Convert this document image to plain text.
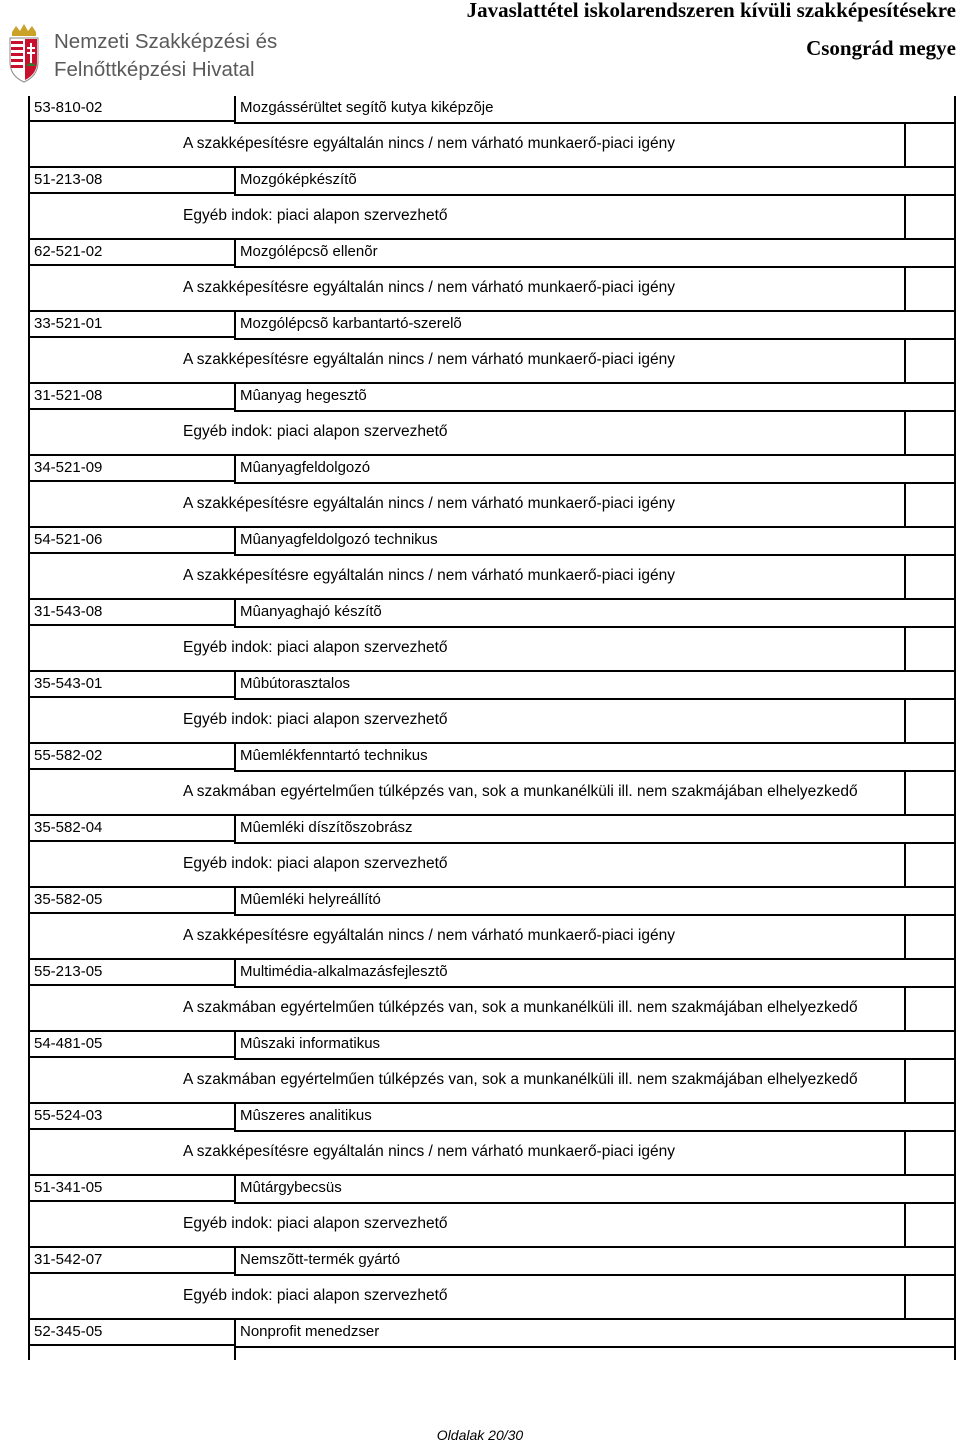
Nemzeti Szakképzési és
Felnőttképzési Hivatal
Javaslattétel iskolarendszeren kívüli szakképesítésekre
Csongrád megye
53-810-02	Mozgássérültet segítõ kutya kiképzõje
A szakképesítésre egyáltalán nincs / nem várható munkaerő-piaci igény
51-213-08	Mozgóképkészítõ
Egyéb indok: piaci alapon szervezhető
62-521-02	Mozgólépcsõ ellenõr
A szakképesítésre egyáltalán nincs / nem várható munkaerő-piaci igény
33-521-01	Mozgólépcsõ karbantartó-szerelõ
A szakképesítésre egyáltalán nincs / nem várható munkaerő-piaci igény
31-521-08	Mûanyag hegesztõ
Egyéb indok: piaci alapon szervezhető
34-521-09	Mûanyagfeldolgozó
A szakképesítésre egyáltalán nincs / nem várható munkaerő-piaci igény
54-521-06	Mûanyagfeldolgozó technikus
A szakképesítésre egyáltalán nincs / nem várható munkaerő-piaci igény
31-543-08	Mûanyaghajó készítõ
Egyéb indok: piaci alapon szervezhető
35-543-01	Mûbútorasztalos
Egyéb indok: piaci alapon szervezhető
55-582-02	Mûemlékfenntartó technikus
A szakmában egyértelműen túlképzés van, sok a munkanélküli ill. nem szakmájában elhelyezkedő
35-582-04	Mûemléki díszítõszobrász
Egyéb indok: piaci alapon szervezhető
35-582-05	Mûemléki helyreállító
A szakképesítésre egyáltalán nincs / nem várható munkaerő-piaci igény
55-213-05	Multimédia-alkalmazásfejlesztõ
A szakmában egyértelműen túlképzés van, sok a munkanélküli ill. nem szakmájában elhelyezkedő
54-481-05	Mûszaki informatikus
A szakmában egyértelműen túlképzés van, sok a munkanélküli ill. nem szakmájában elhelyezkedő
55-524-03	Mûszeres analitikus
A szakképesítésre egyáltalán nincs / nem várható munkaerő-piaci igény
51-341-05	Mûtárgybecsüs
Egyéb indok: piaci alapon szervezhető
31-542-07	Nemszõtt-termék gyártó
Egyéb indok: piaci alapon szervezhető
52-345-05	Nonprofit menedzser
Oldalak 20/30
